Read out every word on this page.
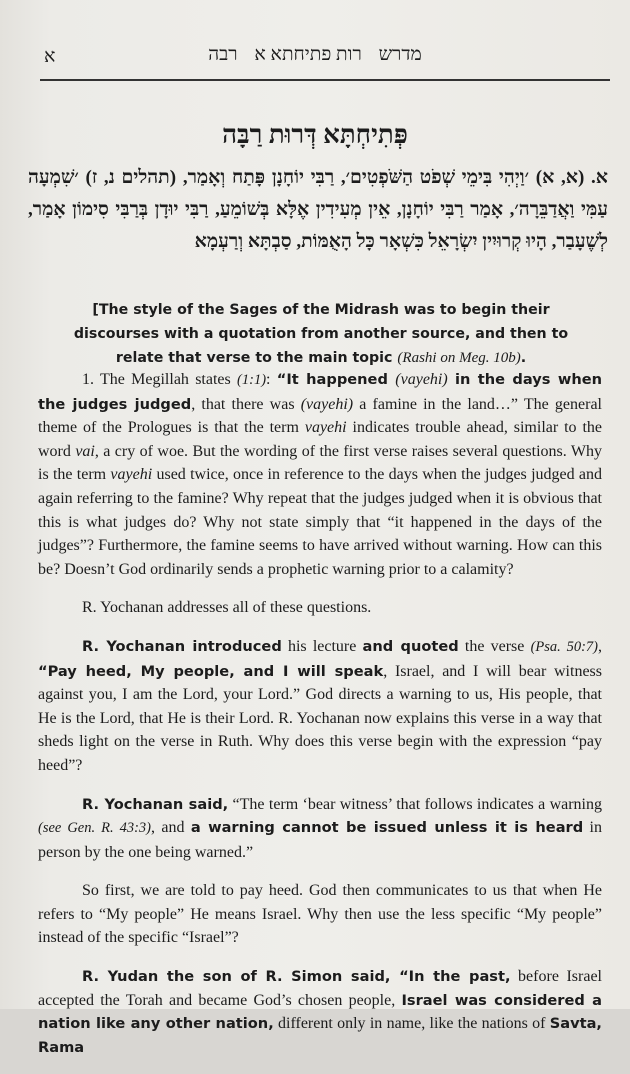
א	מדרש רות פתיחתא א רבה
פְּתִיחְתָּא דְּרוּת רַבָּה

א. (א, א) ׳וַיְהִי בִּימֵי שְׁפֹט הַשֹּׁפְטִים׳, רַבִּי יוֹחָנָן פָּתַח וְאָמַר, (תהלים נ, ז) ׳שִׁמְעָה עַמִּי וַאֲדַבֵּרָה׳, אָמַר רַבִּי יוֹחָנָן, אֵין מְעִידִין אֶלָּא בְּשׁוֹמֵעַ, רַבִּי יוּדָן בְּרַבִּי סִימוֹן אָמַר, לְשֶׁעָבַר, הָיוּ קְרוּיִין יִשְׂרָאֵל כִּשְׁאָר כָּל הָאֻמּוֹת, סַבְתָּא וְרַעְמָא

[The style of the Sages of the Midrash was to begin their discourses with a quotation from another source, and then to relate that verse to the main topic (Rashi on Meg. 10b).

1. The Megillah states (1:1): “It happened (vayehi) in the days when the judges judged, that there was (vayehi) a famine in the land…” The general theme of the Prologues is that the term vayehi indicates trouble ahead, similar to the word vai, a cry of woe. But the wording of the first verse raises several questions. Why is the term vayehi used twice, once in reference to the days when the judges judged and again referring to the famine? Why repeat that the judges judged when it is obvious that this is what judges do? Why not state simply that “it happened in the days of the judges”? Furthermore, the famine seems to have arrived without warning. How can this be? Doesn’t God ordinarily sends a prophetic warning prior to a calamity?

R. Yochanan addresses all of these questions.

R. Yochanan introduced his lecture and quoted the verse (Psa. 50:7), “Pay heed, My people, and I will speak, Israel, and I will bear witness against you, I am the Lord, your Lord.” God directs a warning to us, His people, that He is the Lord, that He is their Lord. R. Yochanan now explains this verse in a way that sheds light on the verse in Ruth. Why does this verse begin with the expression “pay heed”?

R. Yochanan said, “The term ‘bear witness’ that follows indicates a warning (see Gen. R. 43:3), and a warning cannot be issued unless it is heard in person by the one being warned.”

So first, we are told to pay heed. God then communicates to us that when He refers to “My people” He means Israel. Why then use the less specific “My people” instead of the specific “Israel”?

R. Yudan the son of R. Simon said, “In the past, before Israel accepted the Torah and became God’s chosen people, Israel was considered a nation like any other nation, different only in name, like the nations of Savta, Rama
